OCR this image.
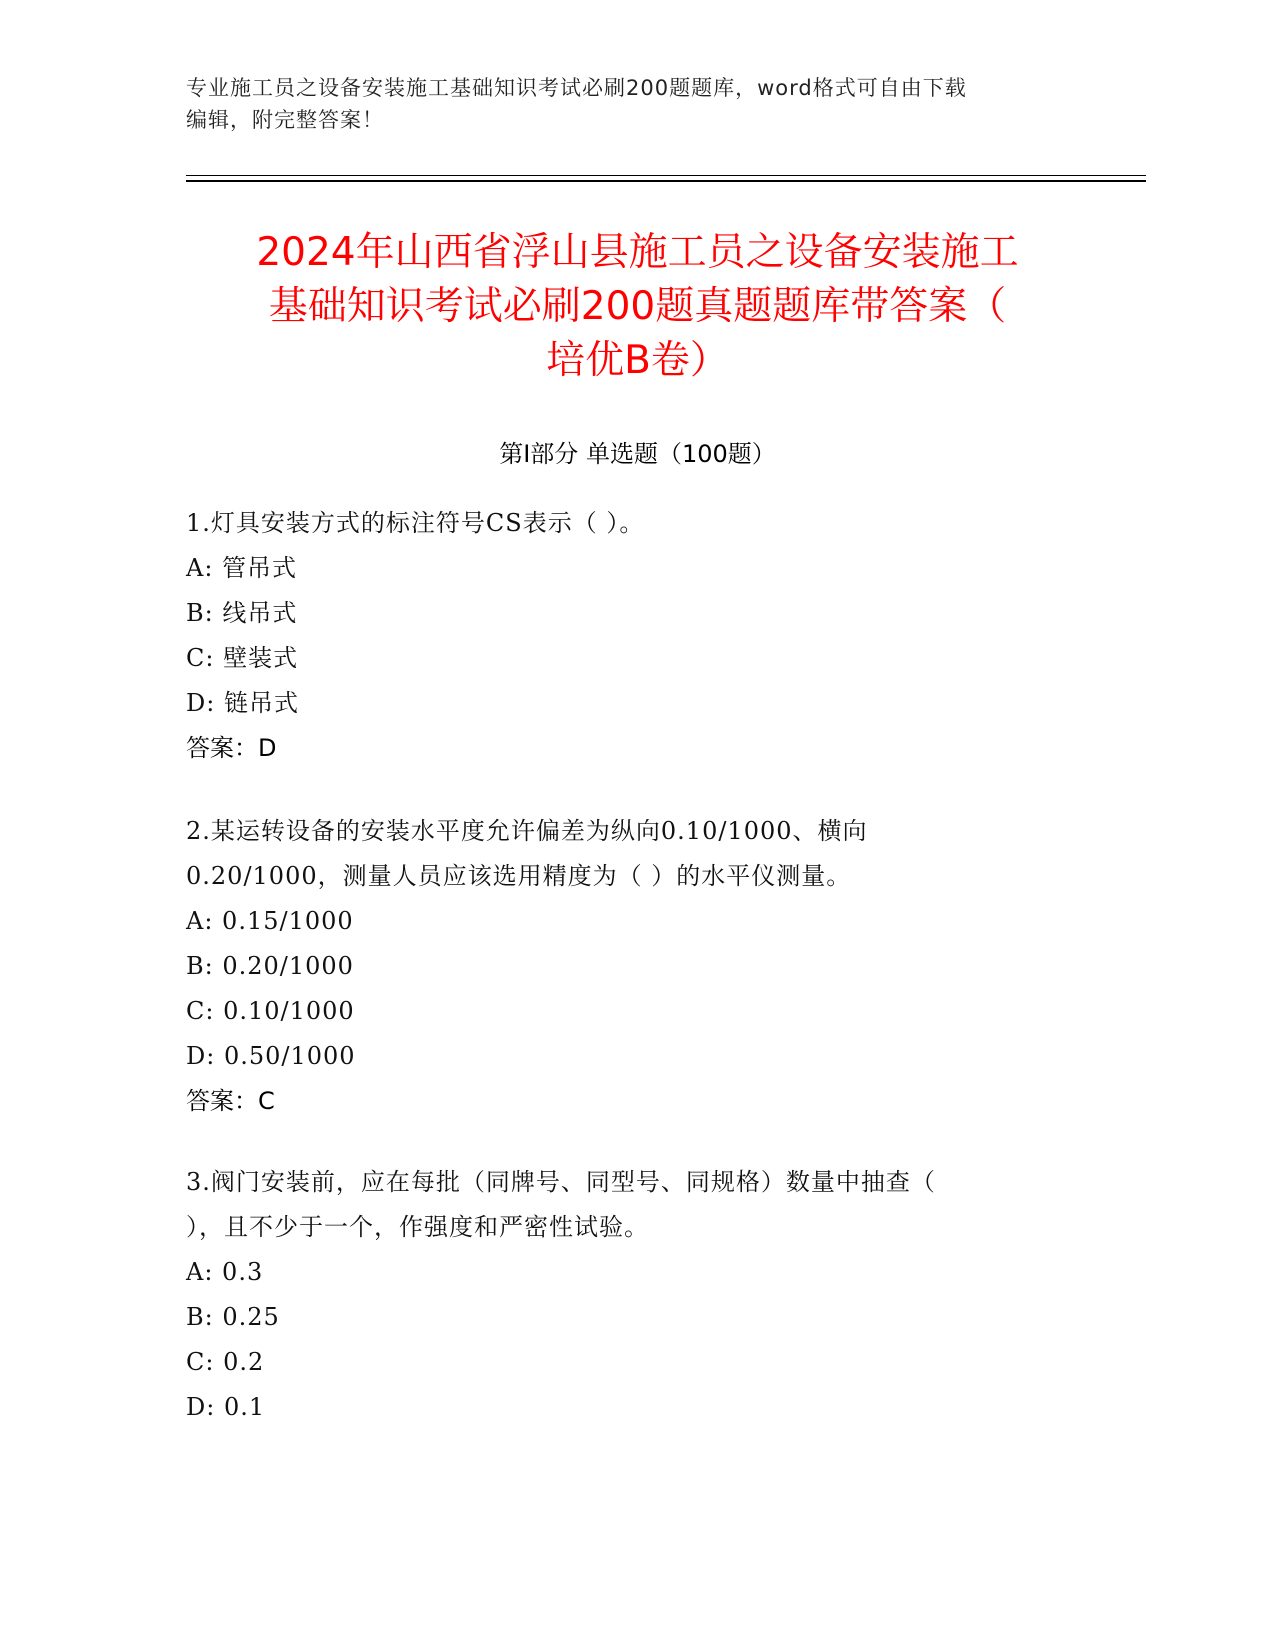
专业施工员之设备安装施工基础知识考试必刷200题题库，word格式可自由下载
编辑，附完整答案！
2024年山西省浮山县施工员之设备安装施工
基础知识考试必刷200题真题题库带答案（
培优B卷）
第Ⅰ部分 单选题（100题）

1.灯具安装方式的标注符号CS表示（ ）。

A: 管吊式

B: 线吊式

C: 壁装式

D: 链吊式

答案：D

2.某运转设备的安装水平度允许偏差为纵向0.10/1000、横向

0.20/1000，测量人员应该选用精度为（ ）的水平仪测量。

A: 0.15/1000

B: 0.20/1000

C: 0.10/1000

D: 0.50/1000

答案：C

3.阀门安装前，应在每批（同牌号、同型号、同规格）数量中抽查（

），且不少于一个，作强度和严密性试验。

A: 0.3

B: 0.25

C: 0.2

D: 0.1
